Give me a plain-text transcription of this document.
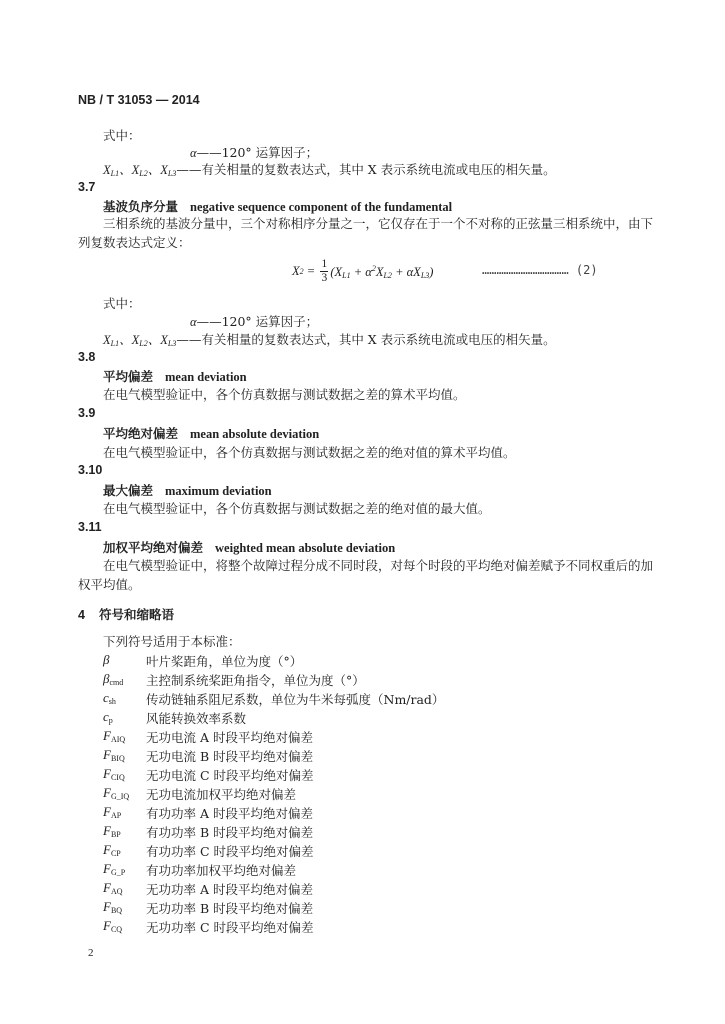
NB / T 31053 — 2014
式中：
α——120° 运算因子；
$X_{L1}$、$X_{L2}$、$X_{L3}——$有关相量的复数表达式，其中 X 表示系统电流或电压的相矢量。
3.7
基波负序分量 negative sequence component of the fundamental
三相系统的基波分量中，三个对称相序分量之一，它仅存在于一个不对称的正弦量三相系统中，由下列复数表达式定义：
X $2 = \frac{1}{3} (X_{L1} + \alpha^2X_{L2} + \alpha X_{L3})$	……………………………… (2)
式中：
α——120° 运算因子；
$X_{L1}$、$X_{L2}$、$X_{L3}——$有关相量的复数表达式，其中 X 表示系统电流或电压的相矢量。
3.8
平均偏差 mean deviation
在电气模型验证中，各个仿真数据与测试数据之差的算术平均值。
3.9
平均绝对偏差 mean absolute deviation
在电气模型验证中，各个仿真数据与测试数据之差的绝对值的算术平均值。
3.10
最大偏差 maximum deviation
在电气模型验证中，各个仿真数据与测试数据之差的绝对值的最大值。
3.11
加权平均绝对偏差 weighted mean absolute deviation
在电气模型验证中，将整个故障过程分成不同时段，对每个时段的平均绝对偏差赋予不同权重后的加权平均值。
4 符号和缩略语
下列符号适用于本标准：
β	叶片桨距角，单位为度（°）
$\beta_{cmd}$ 主控制系统桨距角指令，单位为度（°）
$c_{sh}$ 传动链轴系阻尼系数，单位为牛米每弧度（Nm/rad）
$c_p$	风能转换效率系数
$F_{AIQ}$ 无功电流 A 时段平均绝对偏差
$F_{BIQ}$ 无功电流 B 时段平均绝对偏差
$F_{CIQ}$ 无功电流 C 时段平均绝对偏差
$F_{G\_IQ}$ 无功电流加权平均绝对偏差
$F_{AP}$ 有功功率 A 时段平均绝对偏差
$F_{BP}$ 有功功率 B 时段平均绝对偏差
$F_{CP}$ 有功功率 C 时段平均绝对偏差
$F_{G\_P}$ 有功功率加权平均绝对偏差
$F_{AQ}$ 无功功率 A 时段平均绝对偏差
$F_{BQ}$ 无功功率 B 时段平均绝对偏差
$F_{CQ}$ 无功功率 C 时段平均绝对偏差
2
